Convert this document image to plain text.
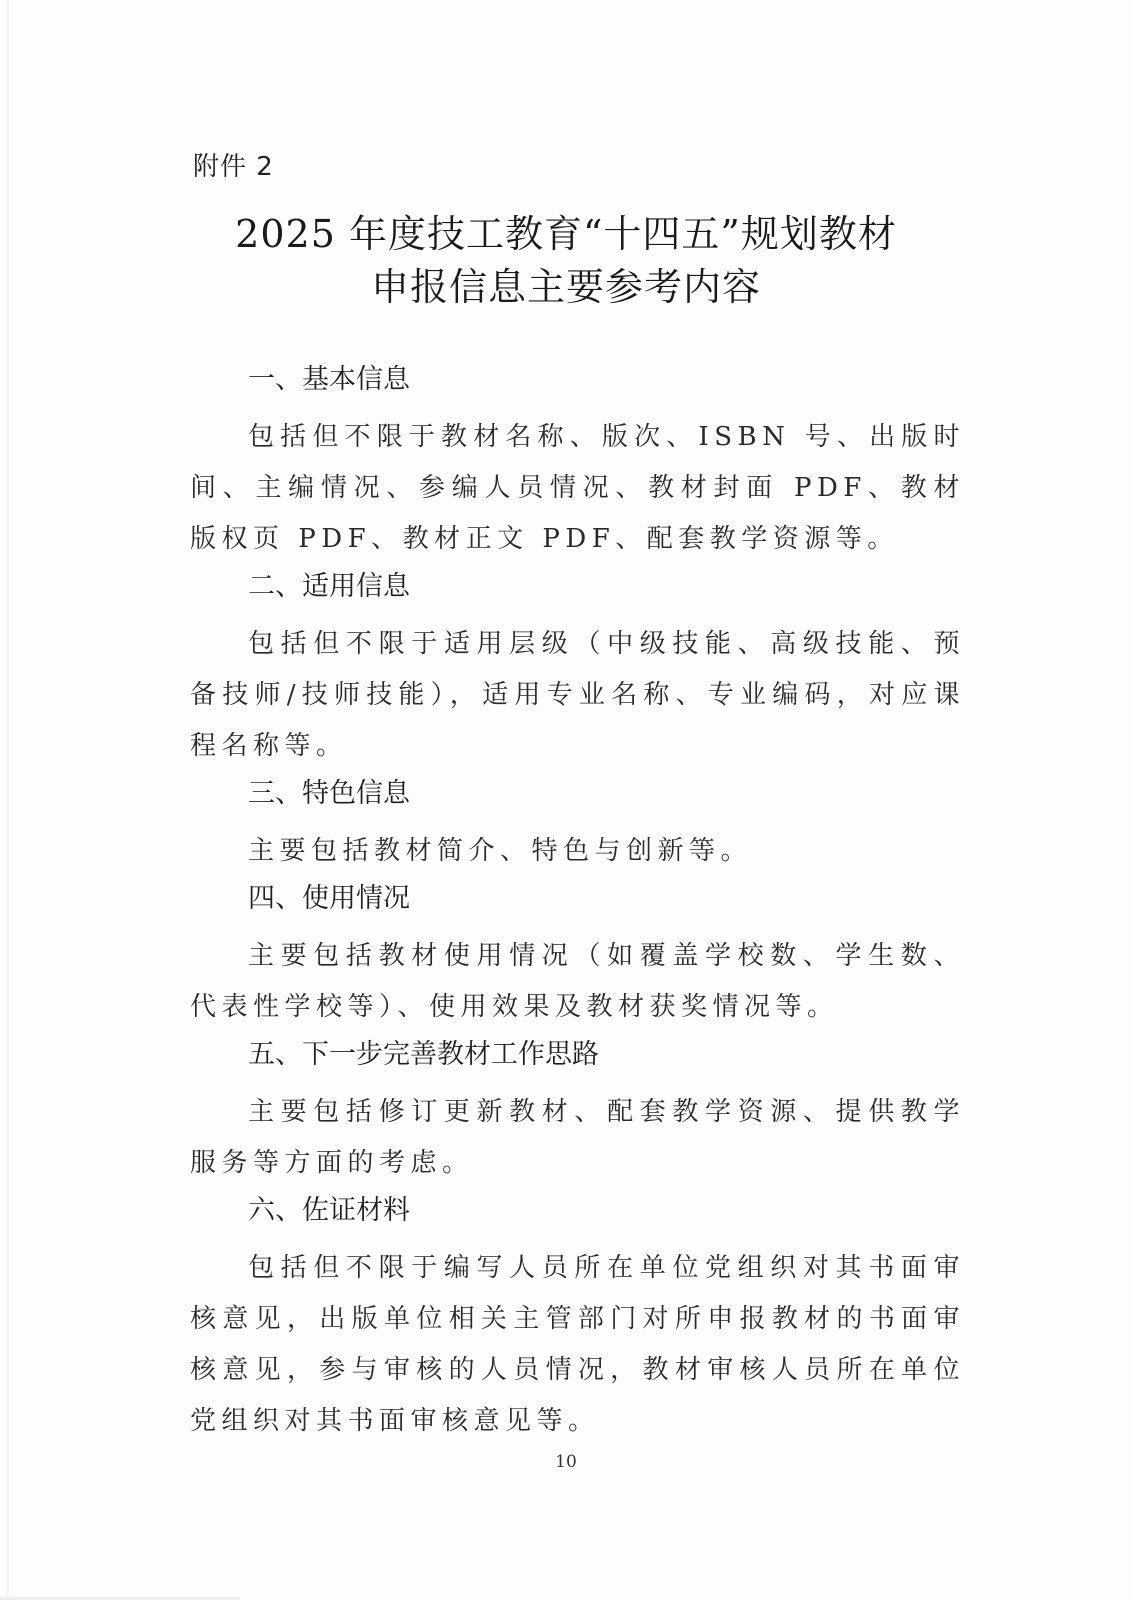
附件 2
2025 年度技工教育“十四五”规划教材
申报信息主要参考内容
一、基本信息
包括但不限于教材名称、版次、ISBN 号、出版时间、主编情况、参编人员情况、教材封面 PDF、教材版权页 PDF、教材正文 PDF、配套教学资源等。
二、适用信息
包括但不限于适用层级（中级技能、高级技能、预备技师/技师技能），适用专业名称、专业编码，对应课程名称等。
三、特色信息
主要包括教材简介、特色与创新等。
四、使用情况
主要包括教材使用情况（如覆盖学校数、学生数、代表性学校等）、使用效果及教材获奖情况等。
五、下一步完善教材工作思路
主要包括修订更新教材、配套教学资源、提供教学服务等方面的考虑。
六、佐证材料
包括但不限于编写人员所在单位党组织对其书面审核意见，出版单位相关主管部门对所申报教材的书面审核意见，参与审核的人员情况，教材审核人员所在单位党组织对其书面审核意见等。
10
